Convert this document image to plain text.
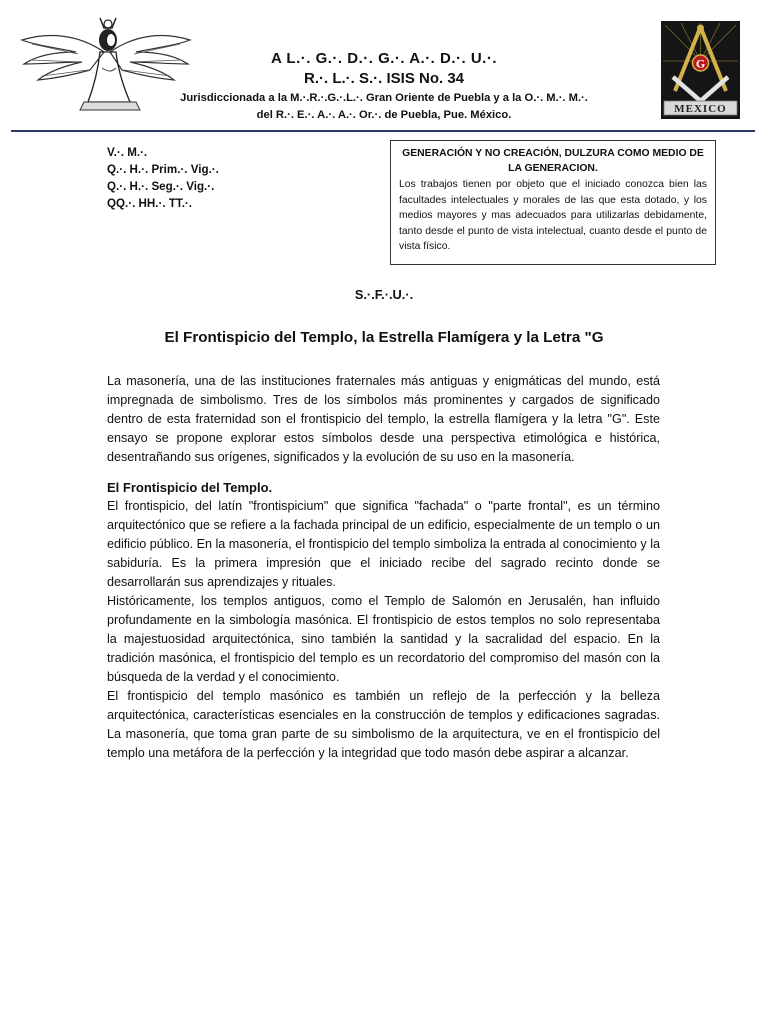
A L.·. G.·. D.·. G.·. A.·. D.·. U.·.
R.·. L.·. S.·. ISIS No. 34
Jurisdiccionada a la M.·.R.·.G.·.L.·. Gran Oriente de Puebla y a la O.·. M.·. M.·.
del R.·. E.·. A.·. A.·. Or.·. de Puebla, Pue. México.
G
MEXICO
V.·. M.·.
Q.·. H.·. Prim.·. Vig.·.
Q.·. H.·. Seg.·. Vig.·.
QQ.·. HH.·. TT.·.
GENERACIÓN Y NO CREACIÓN, DULZURA COMO MEDIO DE LA GENERACION.
Los trabajos tienen por objeto que el iniciado conozca bien las facultades intelectuales y morales de las que esta dotado, y los medios mayores y mas adecuados para utilizarlas debidamente, tanto desde el punto de vista intelectual, cuanto desde el punto de vista físico.
S.·.F.·.U.·.
El Frontispicio del Templo, la Estrella Flamígera y la Letra "G

La masonería, una de las instituciones fraternales más antiguas y enigmáticas del mundo, está impregnada de simbolismo. Tres de los símbolos más prominentes y cargados de significado dentro de esta fraternidad son el frontispicio del templo, la estrella flamígera y la letra "G". Este ensayo se propone explorar estos símbolos desde una perspectiva etimológica e histórica, desentrañando sus orígenes, significados y la evolución de su uso en la masonería.

El Frontispicio del Templo.

El frontispicio, del latín "frontispicium" que significa "fachada" o "parte frontal", es un término arquitectónico que se refiere a la fachada principal de un edificio, especialmente de un templo o un edificio público. En la masonería, el frontispicio del templo simboliza la entrada al conocimiento y la sabiduría. Es la primera impresión que el iniciado recibe del sagrado recinto donde se desarrollarán sus aprendizajes y rituales.

Históricamente, los templos antiguos, como el Templo de Salomón en Jerusalén, han influido profundamente en la simbología masónica. El frontispicio de estos templos no solo representaba la majestuosidad arquitectónica, sino también la santidad y la sacralidad del espacio. En la tradición masónica, el frontispicio del templo es un recordatorio del compromiso del masón con la búsqueda de la verdad y el conocimiento.

El frontispicio del templo masónico es también un reflejo de la perfección y la belleza arquitectónica, características esenciales en la construcción de templos y edificaciones sagradas. La masonería, que toma gran parte de su simbolismo de la arquitectura, ve en el frontispicio del templo una metáfora de la perfección y la integridad que todo masón debe aspirar a alcanzar.
